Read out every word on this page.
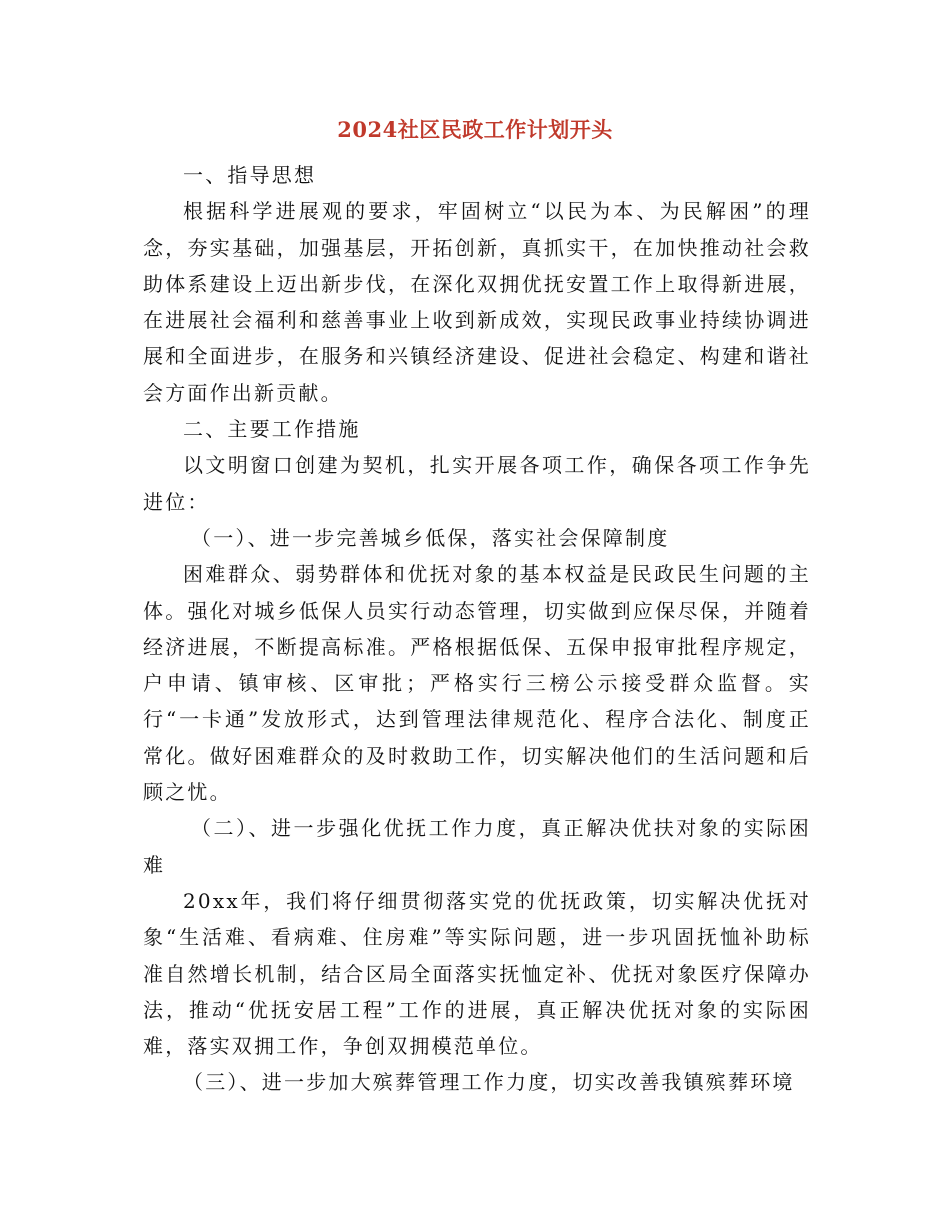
2024社区民政工作计划开头

一、指导思想

根据科学进展观的要求，牢固树立“以民为本、为民解困”的理念，夯实基础，加强基层，开拓创新，真抓实干，在加快推动社会救助体系建设上迈出新步伐，在深化双拥优抚安置工作上取得新进展，在进展社会福利和慈善事业上收到新成效，实现民政事业持续协调进展和全面进步，在服务和兴镇经济建设、促进社会稳定、构建和谐社会方面作出新贡献。

二、主要工作措施

以文明窗口创建为契机，扎实开展各项工作，确保各项工作争先进位：

（一）、进一步完善城乡低保，落实社会保障制度

困难群众、弱势群体和优抚对象的基本权益是民政民生问题的主体。强化对城乡低保人员实行动态管理，切实做到应保尽保，并随着经济进展，不断提高标准。严格根据低保、五保申报审批程序规定，户申请、镇审核、区审批；严格实行三榜公示接受群众监督。实行“一卡通”发放形式，达到管理法律规范化、程序合法化、制度正常化。做好困难群众的及时救助工作，切实解决他们的生活问题和后顾之忧。

（二）、进一步强化优抚工作力度，真正解决优扶对象的实际困难

20xx年，我们将仔细贯彻落实党的优抚政策，切实解决优抚对象“生活难、看病难、住房难”等实际问题，进一步巩固抚恤补助标准自然增长机制，结合区局全面落实抚恤定补、优抚对象医疗保障办法，推动“优抚安居工程”工作的进展，真正解决优抚对象的实际困难，落实双拥工作，争创双拥模范单位。

（三）、进一步加大殡葬管理工作力度，切实改善我镇殡葬环境
